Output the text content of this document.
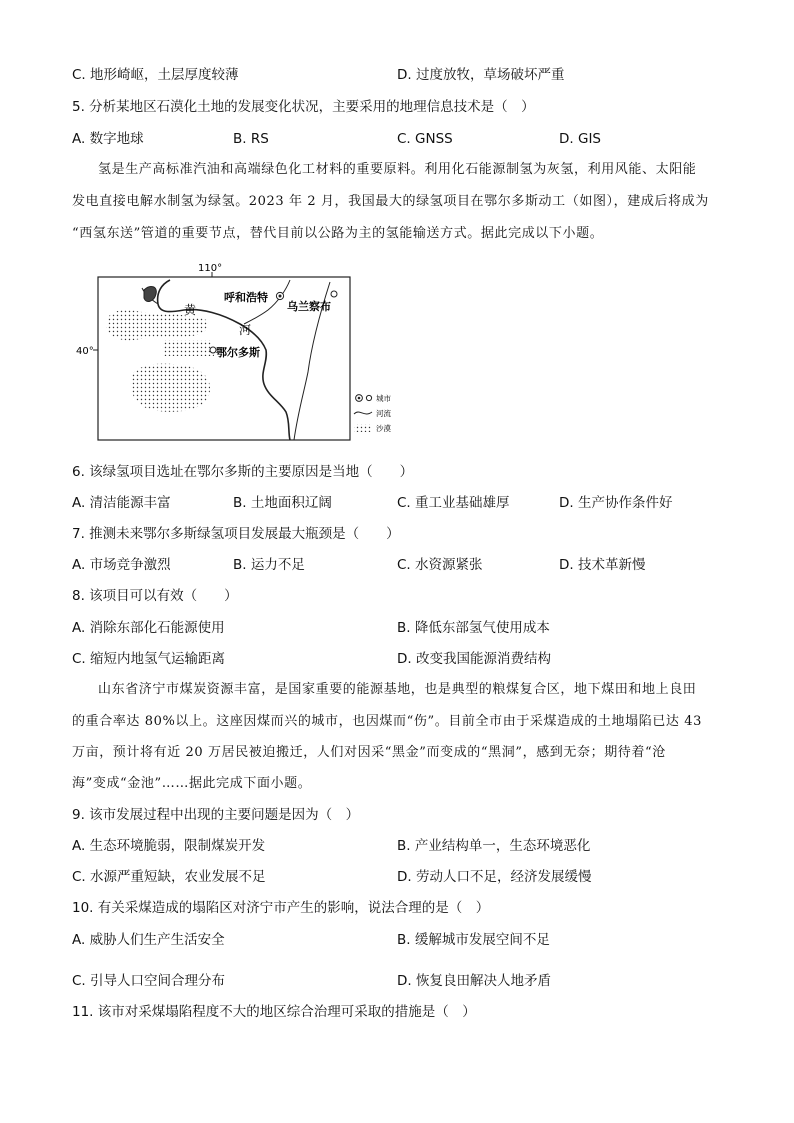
C. 地形崎岖，土层厚度较薄	D. 过度放牧，草场破坏严重
5. 分析某地区石漠化土地的发展变化状况，主要采用的地理信息技术是（　）
A. 数字地球	B. RS	C. GNSS	D. GIS
氢是生产高标准汽油和高端绿色化工材料的重要原料。利用化石能源制氢为灰氢，利用风能、太阳能
发电直接电解水制氢为绿氢。2023 年 2 月，我国最大的绿氢项目在鄂尔多斯动工（如图），建成后将成为
“西氢东送”管道的重要节点，替代目前以公路为主的氢能输送方式。据此完成以下小题。
110°
40°
黄
河
呼和浩特
乌兰察布
鄂尔多斯
城市
河流
沙漠
6. 该绿氢项目选址在鄂尔多斯的主要原因是当地（　　）
A. 清洁能源丰富	B. 土地面积辽阔	C. 重工业基础雄厚	D. 生产协作条件好
7. 推测未来鄂尔多斯绿氢项目发展最大瓶颈是（　　）
A. 市场竞争激烈	B. 运力不足	C. 水资源紧张	D. 技术革新慢
8. 该项目可以有效（　　）
A. 消除东部化石能源使用	B. 降低东部氢气使用成本
C. 缩短内地氢气运输距离	D. 改变我国能源消费结构
山东省济宁市煤炭资源丰富，是国家重要的能源基地，也是典型的粮煤复合区，地下煤田和地上良田
的重合率达 80%以上。这座因煤而兴的城市，也因煤而“伤”。目前全市由于采煤造成的土地塌陷已达 43
万亩，预计将有近 20 万居民被迫搬迁，人们对因采“黑金”而变成的“黑洞”，感到无奈；期待着“沧
海”变成“金池”……据此完成下面小题。
9. 该市发展过程中出现的主要问题是因为（　）
A. 生态环境脆弱，限制煤炭开发	B. 产业结构单一，生态环境恶化
C. 水源严重短缺，农业发展不足	D. 劳动人口不足，经济发展缓慢
10. 有关采煤造成的塌陷区对济宁市产生的影响，说法合理的是（　）
A. 威胁人们生产生活安全	B. 缓解城市发展空间不足
C. 引导人口空间合理分布	D. 恢复良田解决人地矛盾
11. 该市对采煤塌陷程度不大的地区综合治理可采取的措施是（　）
